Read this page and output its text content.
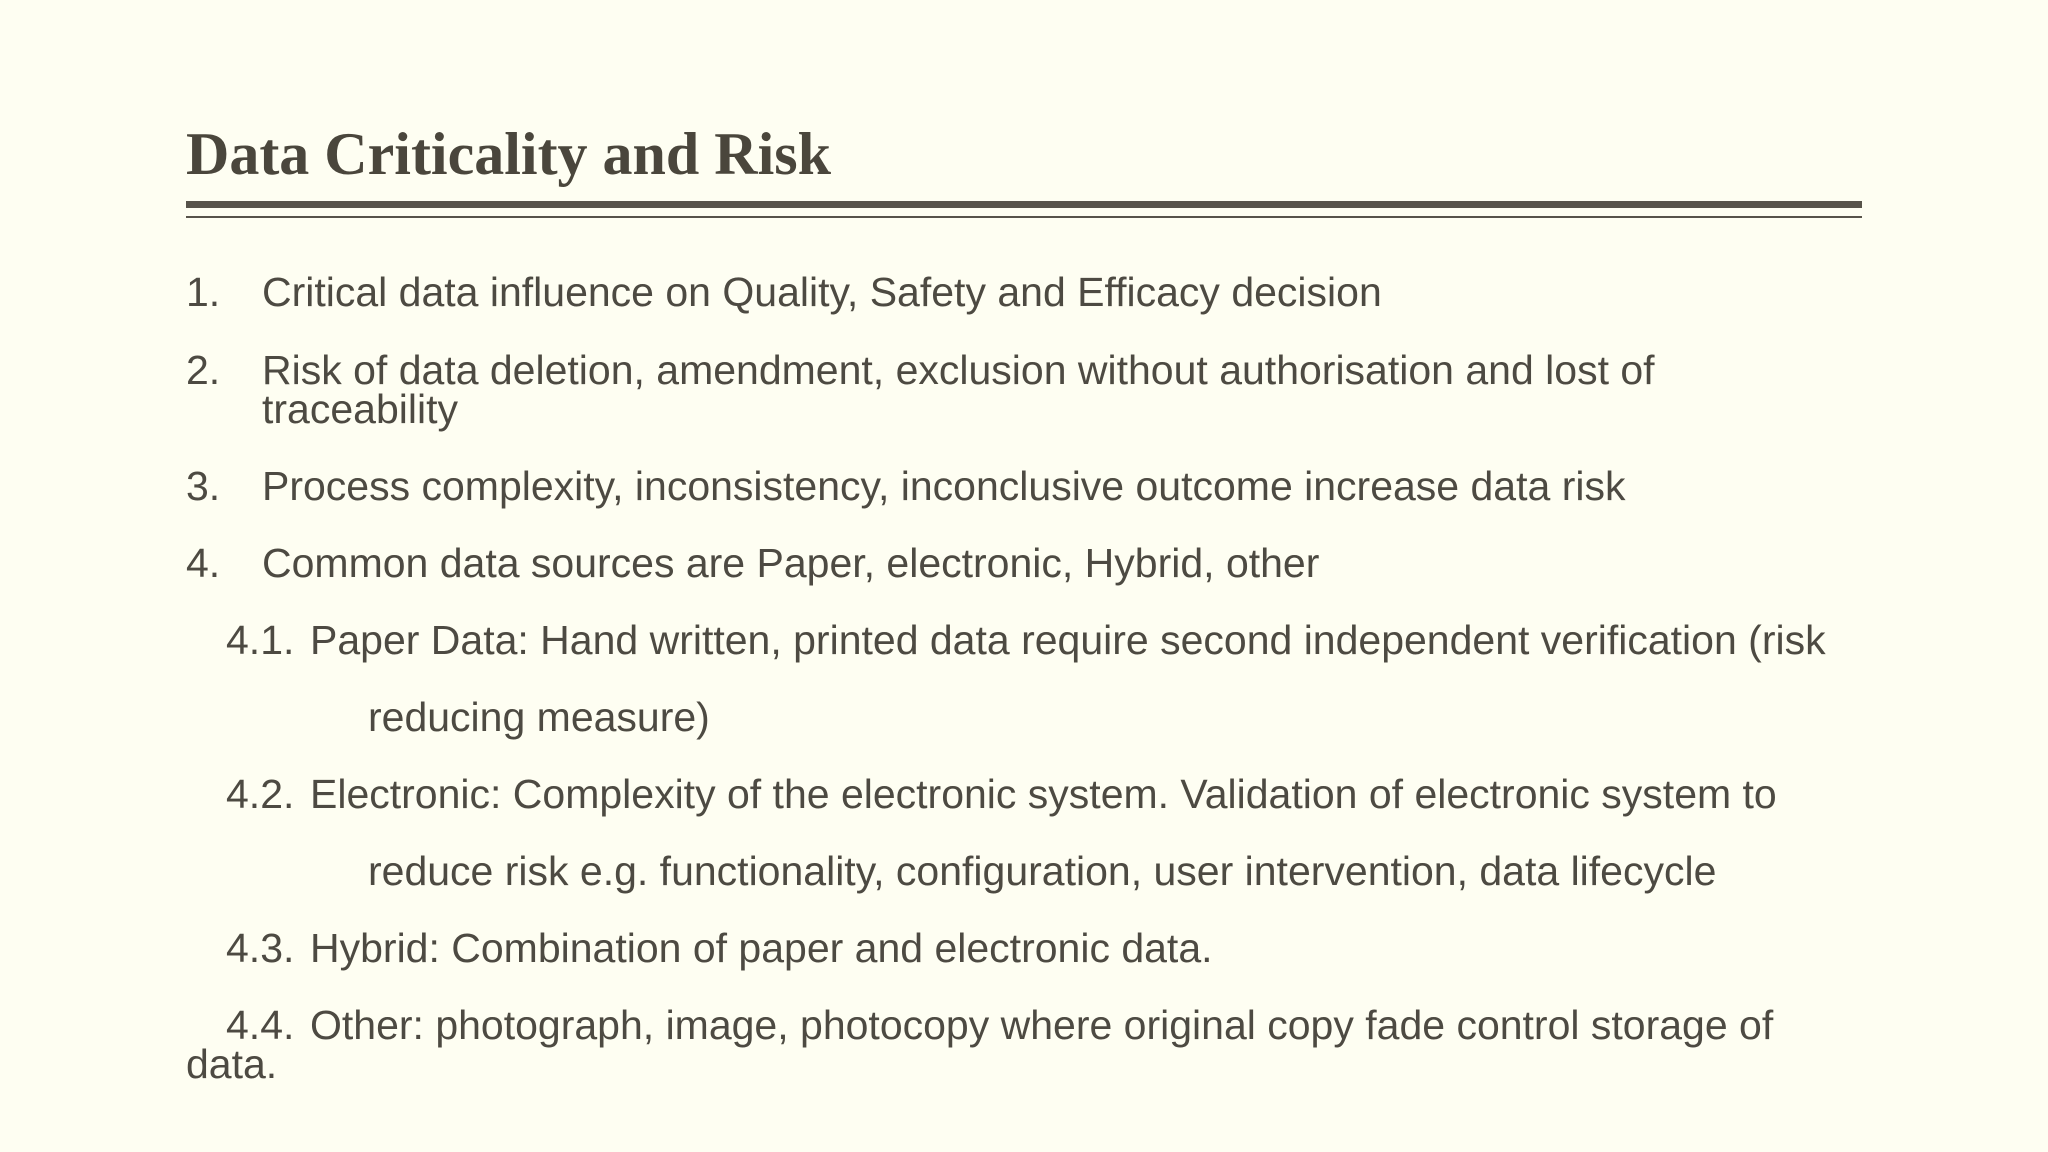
Data Criticality and Risk
1. Critical data influence on Quality, Safety and Efficacy decision
2. Risk of data deletion, amendment, exclusion without authorisation and lost of
traceability
3. Process complexity, inconsistency, inconclusive outcome increase data risk
4. Common data sources are Paper, electronic, Hybrid, other
4.1. Paper Data: Hand written, printed data require second independent verification (risk
reducing measure)
4.2. Electronic: Complexity of the electronic system. Validation of electronic system to
reduce risk e.g. functionality, configuration, user intervention, data lifecycle
4.3. Hybrid: Combination of paper and electronic data.
4.4. Other: photograph, image, photocopy where original copy fade control storage of
data.
